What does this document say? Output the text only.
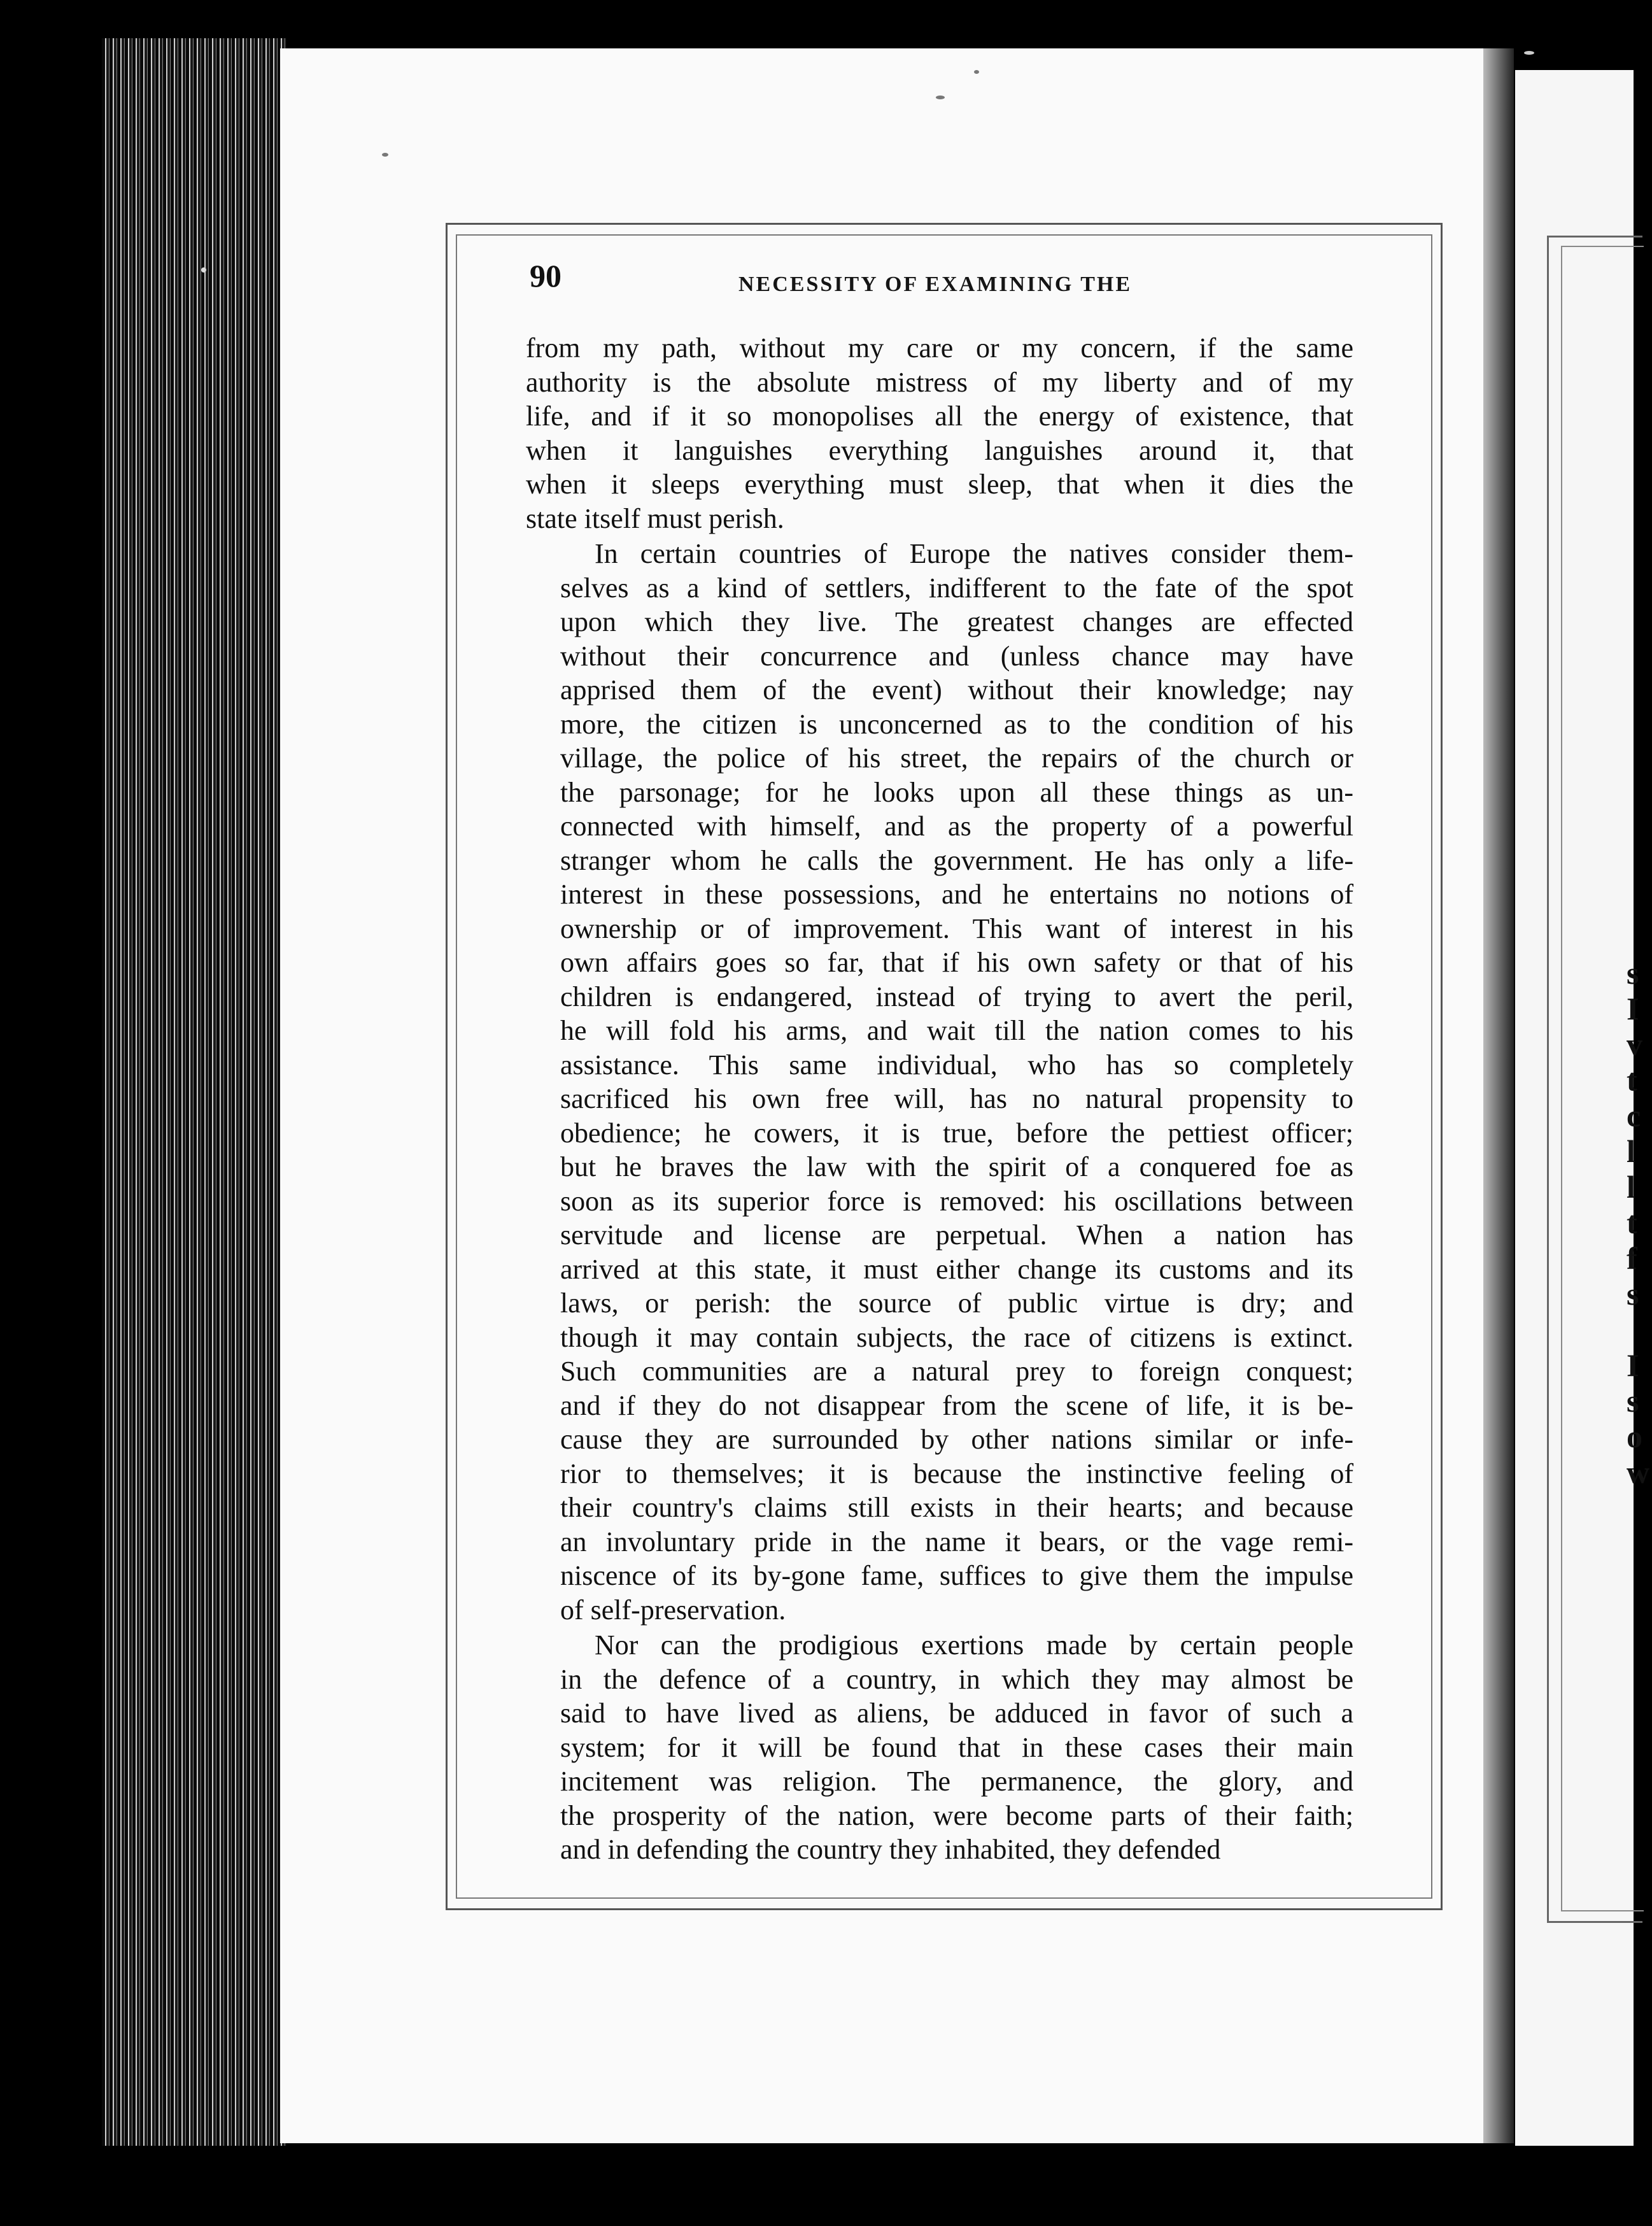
90	NECESSITY OF EXAMINING THE
from my path, without my care or my concern, if the same
authority is the absolute mistress of my liberty and of my
life, and if it so monopolises all the energy of existence, that
when it languishes everything languishes around it, that
when it sleeps everything must sleep, that when it dies the
state itself must perish.
In certain countries of Europe the natives consider them-
selves as a kind of settlers, indifferent to the fate of the spot
upon which they live. The greatest changes are effected
without their concurrence and (unless chance may have
apprised them of the event) without their knowledge; nay
more, the citizen is unconcerned as to the condition of his
village, the police of his street, the repairs of the church or
the parsonage; for he looks upon all these things as un-
connected with himself, and as the property of a powerful
stranger whom he calls the government. He has only a life-
interest in these possessions, and he entertains no notions of
ownership or of improvement. This want of interest in his
own affairs goes so far, that if his own safety or that of his
children is endangered, instead of trying to avert the peril,
he will fold his arms, and wait till the nation comes to his
assistance. This same individual, who has so completely
sacrificed his own free will, has no natural propensity to
obedience; he cowers, it is true, before the pettiest officer;
but he braves the law with the spirit of a conquered foe as
soon as its superior force is removed: his oscillations between
servitude and license are perpetual. When a nation has
arrived at this state, it must either change its customs and its
laws, or perish: the source of public virtue is dry; and
though it may contain subjects, the race of citizens is extinct.
Such communities are a natural prey to foreign conquest;
and if they do not disappear from the scene of life, it is be-
cause they are surrounded by other nations similar or infe-
rior to themselves; it is because the instinctive feeling of
their country's claims still exists in their hearts; and because
an involuntary pride in the name it bears, or the vage remi-
niscence of its by-gone fame, suffices to give them the impulse
of self-preservation.
Nor can the prodigious exertions made by certain people
in the defence of a country, in which they may almost be
said to have lived as aliens, be adduced in favor of such a
system; for it will be found that in these cases their main
incitement was religion. The permanence, the glory, and
the prosperity of the nation, were become parts of their faith;
and in defending the country they inhabited, they defended
s
I
v
t
c
l
l
t
f
s

I
s
o
w
